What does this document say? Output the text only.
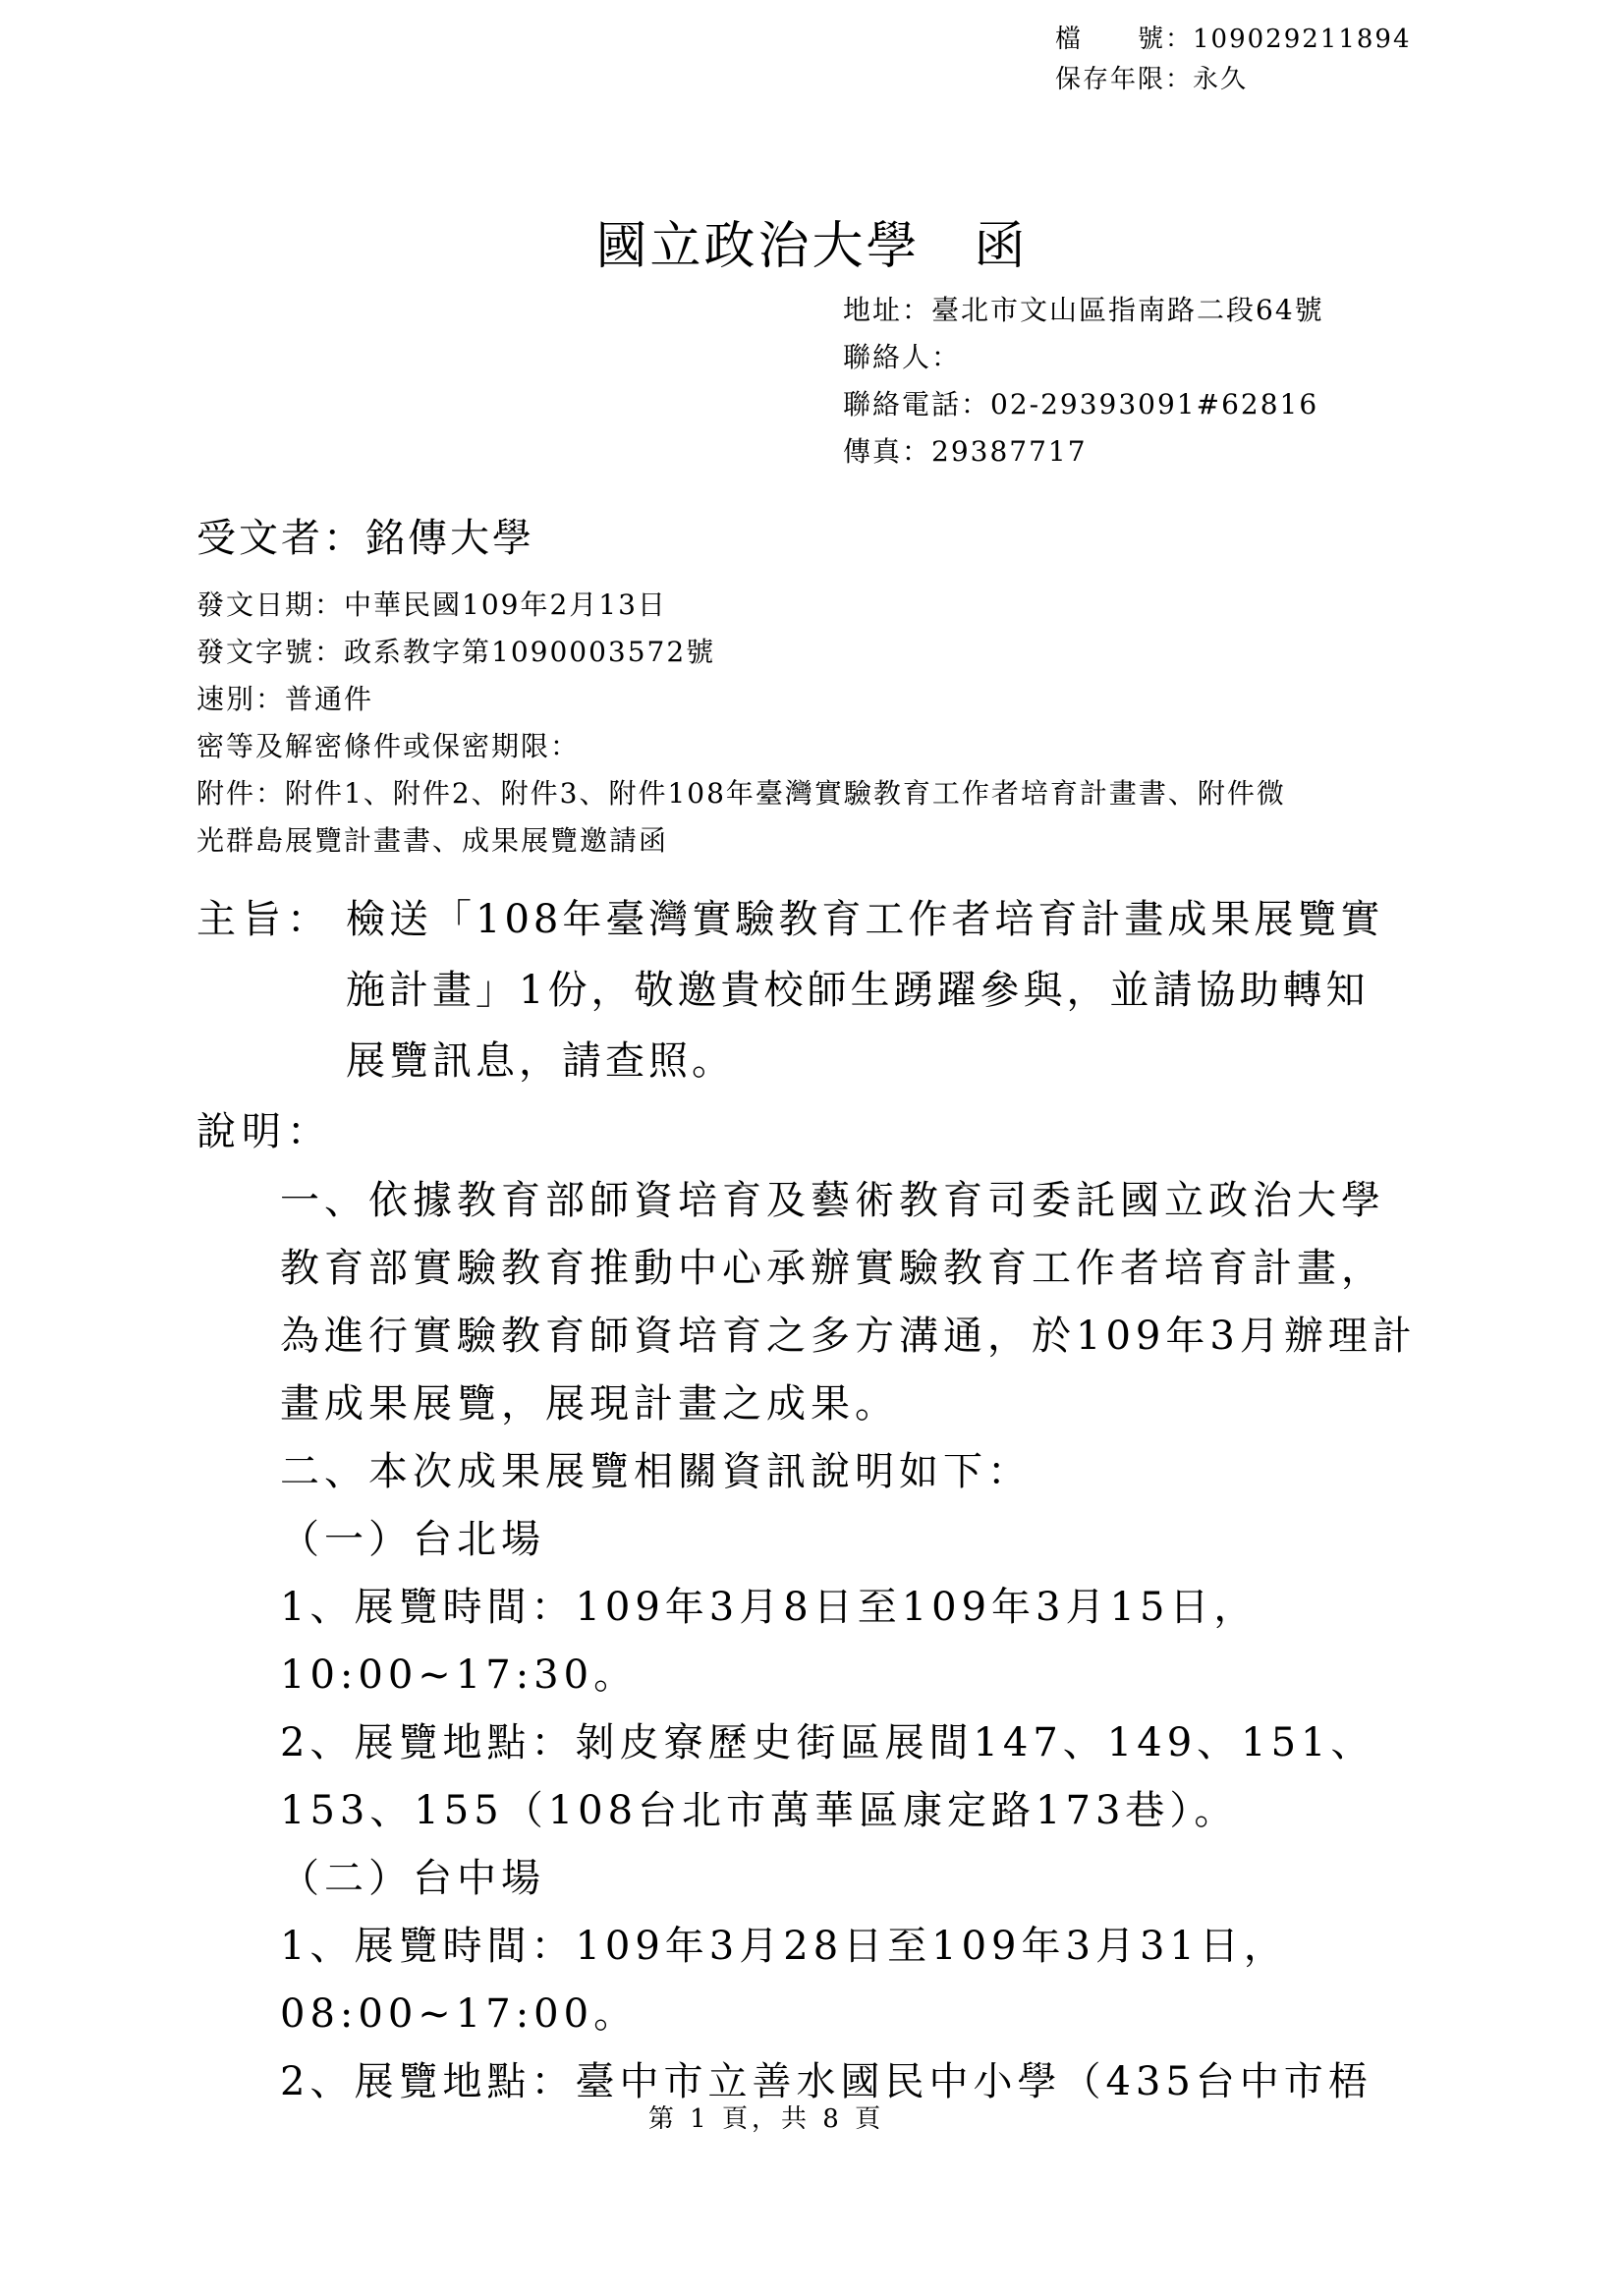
檔　　號：109029211894
保存年限：永久
國立政治大學　函
地址：臺北市文山區指南路二段64號
聯絡人：
聯絡電話：02-29393091#62816
傳真：29387717
受文者：銘傳大學
發文日期：中華民國109年2月13日
發文字號：政系教字第1090003572號
速別：普通件
密等及解密條件或保密期限：
附件：附件1、附件2、附件3、附件108年臺灣實驗教育工作者培育計畫書、附件微
光群島展覽計畫書、成果展覽邀請函
主旨： 檢送「108年臺灣實驗教育工作者培育計畫成果展覽實
施計畫」1份，敬邀貴校師生踴躍參與，並請協助轉知
展覽訊息，請查照。
說明：
一、依據教育部師資培育及藝術教育司委託國立政治大學
教育部實驗教育推動中心承辦實驗教育工作者培育計畫，
為進行實驗教育師資培育之多方溝通，於109年3月辦理計
畫成果展覽，展現計畫之成果。
二、本次成果展覽相關資訊說明如下：
（一）台北場
1、展覽時間：109年3月8日至109年3月15日，
10:00~17:30。
2、展覽地點：剝皮寮歷史街區展間147、149、151、
153、155（108台北市萬華區康定路173巷）。
（二）台中場
1、展覽時間：109年3月28日至109年3月31日，
08:00~17:00。
2、展覽地點：臺中市立善水國民中小學（435台中市梧
第 1 頁，共 8 頁
